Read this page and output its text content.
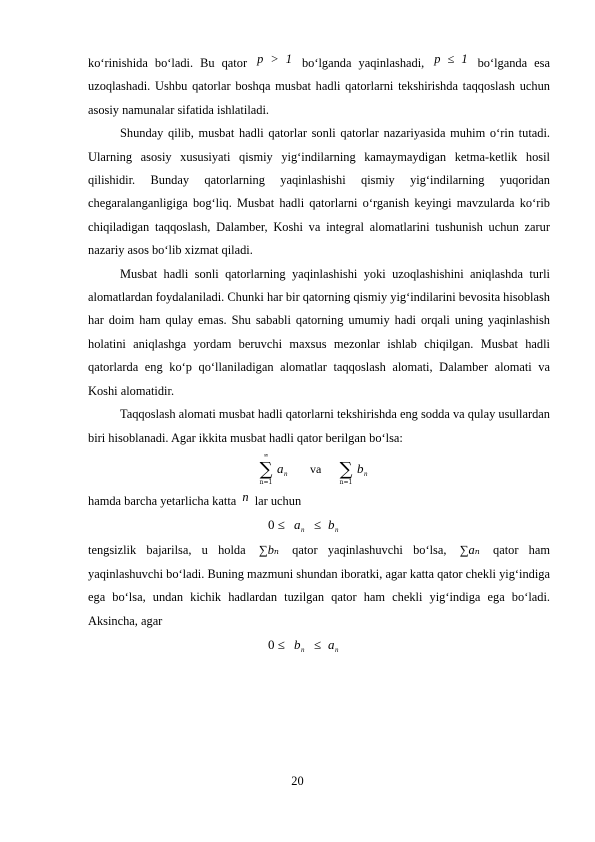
ko‘rinishida bo‘ladi. Bu qator p > 1 bo‘lganda yaqinlashadi, p ≤ 1 bo‘lganda esa uzoqlashadi. Ushbu qatorlar boshqa musbat hadli qatorlarni tekshirishda taqqoslash uchun asosiy namunalar sifatida ishlatiladi.

Shunday qilib, musbat hadli qatorlar sonli qatorlar nazariyasida muhim o‘rin tutadi. Ularning asosiy xususiyati qismiy yig‘indilarning kamaymaydigan ketma-ketlik hosil qilishidir. Bunday qatorlarning yaqinlashishi qismiy yig‘indilarning yuqoridan chegaralanganligiga bog‘liq. Musbat hadli qatorlarni o‘rganish keyingi mavzularda ko‘rib chiqiladigan taqqoslash, Dalamber, Koshi va integral alomatlarini tushunish uchun zarur nazariy asos bo‘lib xizmat qiladi.

Musbat hadli sonli qatorlarning yaqinlashishi yoki uzoqlashishini aniqlashda turli alomatlardan foydalaniladi. Chunki har bir qatorning qismiy yig‘indilarini bevosita hisoblash har doim ham qulay emas. Shu sababli qatorning umumiy hadi orqali uning yaqinlashish holatini aniqlashga yordam beruvchi maxsus mezonlar ishlab chiqilgan. Musbat hadli qatorlarda eng ko‘p qo‘llaniladigan alomatlar taqqoslash alomati, Dalamber alomati va Koshi alomatidir.

Taqqoslash alomati musbat hadli qatorlarni tekshirishda eng sodda va qulay usullardan biri hisoblanadi. Agar ikkita musbat hadli qator berilgan bo‘lsa:

∞
∑
n=1
a n va ∑
n=1
b n

hamda barcha yetarlicha katta n lar uchun

0 ≤ a n ≤ b n

tengsizlik bajarilsa, u holda ∑bₙ qator yaqinlashuvchi bo‘lsa, ∑aₙ qator ham yaqinlashuvchi bo‘ladi. Buning mazmuni shundan iboratki, agar katta qator chekli yig‘indiga ega bo‘lsa, undan kichik hadlardan tuzilgan qator ham chekli yig‘indiga ega bo‘ladi. Aksincha, agar

0 ≤ b n ≤ a n
20
